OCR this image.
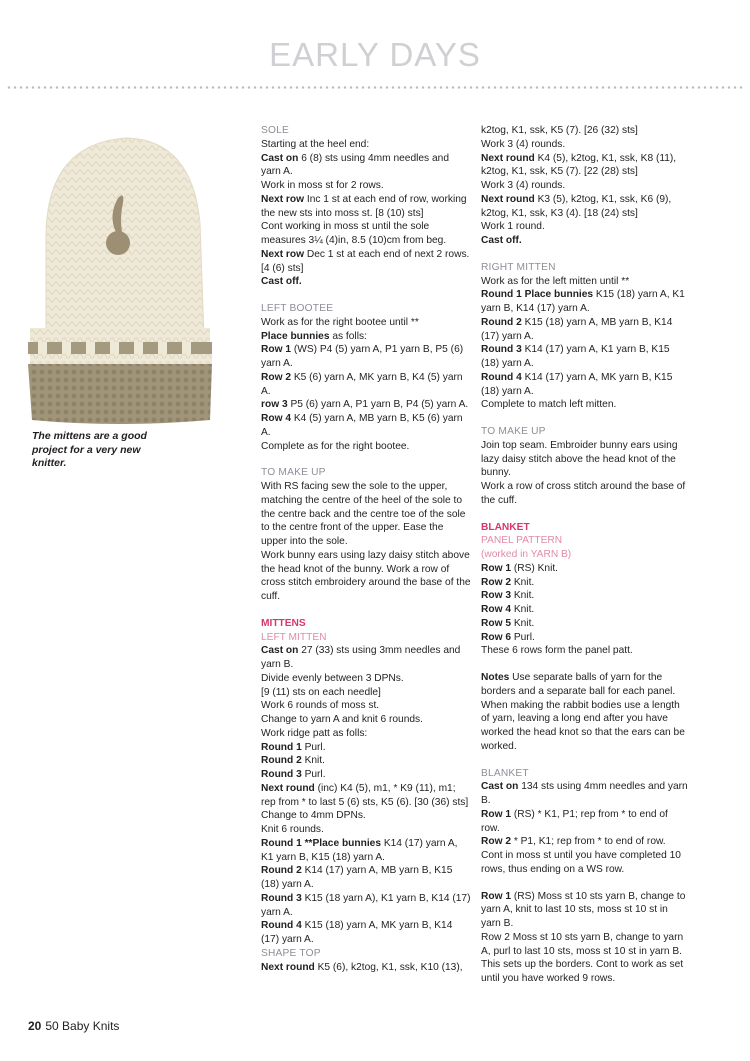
EARLY DAYS
The mittens are a good project for a very new knitter.

SOLE

Starting at the heel end:

Cast on 6 (8) sts using 4mm needles and yarn A.

Work in moss st for 2 rows.

Next row Inc 1 st at each end of row, working the new sts into moss st. [8 (10) sts]

Cont working in moss st until the sole measures 3¼ (4)in, 8.5 (10)cm from beg.

Next row Dec 1 st at each end of next 2 rows. [4 (6) sts]

Cast off.

LEFT BOOTEE

Work as for the right bootee until **

Place bunnies as folls:

Row 1 (WS) P4 (5) yarn A, P1 yarn B, P5 (6) yarn A.

Row 2 K5 (6) yarn A, MK yarn B, K4 (5) yarn A.

row 3 P5 (6) yarn A, P1 yarn B, P4 (5) yarn A.

Row 4 K4 (5) yarn A, MB yarn B, K5 (6) yarn A.

Complete as for the right bootee.

TO MAKE UP

With RS facing sew the sole to the upper, matching the centre of the heel of the sole to the centre back and the centre toe of the sole to the centre front of the upper. Ease the upper into the sole.

Work bunny ears using lazy daisy stitch above the head knot of the bunny. Work a row of cross stitch embroidery around the base of the cuff.

MITTENS

LEFT MITTEN

Cast on 27 (33) sts using 3mm needles and yarn B.

Divide evenly between 3 DPNs.

[9 (11) sts on each needle]

Work 6 rounds of moss st.

Change to yarn A and knit 6 rounds.

Work ridge patt as folls:

Round 1 Purl.

Round 2 Knit.

Round 3 Purl.

Next round (inc) K4 (5), m1, * K9 (11), m1; rep from * to last 5 (6) sts, K5 (6). [30 (36) sts]

Change to 4mm DPNs.

Knit 6 rounds.

Round 1 **Place bunnies K14 (17) yarn A, K1 yarn B, K15 (18) yarn A.

Round 2 K14 (17) yarn A, MB yarn B, K15 (18) yarn A.

Round 3 K15 (18 yarn A), K1 yarn B, K14 (17) yarn A.

Round 4 K15 (18) yarn A, MK yarn B, K14 (17) yarn A.

SHAPE TOP

Next round K5 (6), k2tog, K1, ssk, K10 (13),

k2tog, K1, ssk, K5 (7). [26 (32) sts]

Work 3 (4) rounds.

Next round K4 (5), k2tog, K1, ssk, K8 (11), k2tog, K1, ssk, K5 (7). [22 (28) sts]

Work 3 (4) rounds.

Next round K3 (5), k2tog, K1, ssk, K6 (9), k2tog, K1, ssk, K3 (4). [18 (24) sts]

Work 1 round.

Cast off.

RIGHT MITTEN

Work as for the left mitten until **

Round 1 Place bunnies K15 (18) yarn A, K1 yarn B, K14 (17) yarn A.

Round 2 K15 (18) yarn A, MB yarn B, K14 (17) yarn A.

Round 3 K14 (17) yarn A, K1 yarn B, K15 (18) yarn A.

Round 4 K14 (17) yarn A, MK yarn B, K15 (18) yarn A.

Complete to match left mitten.

TO MAKE UP

Join top seam. Embroider bunny ears using lazy daisy stitch above the head knot of the bunny.

Work a row of cross stitch around the base of the cuff.

BLANKET

PANEL PATTERN

(worked in YARN B)

Row 1 (RS) Knit.

Row 2 Knit.

Row 3 Knit.

Row 4 Knit.

Row 5 Knit.

Row 6 Purl.

These 6 rows form the panel patt.

Notes Use separate balls of yarn for the borders and a separate ball for each panel. When making the rabbit bodies use a length of yarn, leaving a long end after you have worked the head knot so that the ears can be worked.

BLANKET

Cast on 134 sts using 4mm needles and yarn B.

Row 1 (RS) * K1, P1; rep from * to end of row.

Row 2 * P1, K1; rep from * to end of row.

Cont in moss st until you have completed 10 rows, thus ending on a WS row.

Row 1 (RS) Moss st 10 sts yarn B, change to yarn A, knit to last 10 sts, moss st 10 st in yarn B.

Row 2 Moss st 10 sts yarn B, change to yarn A, purl to last 10 sts, moss st 10 st in yarn B.

This sets up the borders. Cont to work as set until you have worked 9 rows.

20 50 Baby Knits
